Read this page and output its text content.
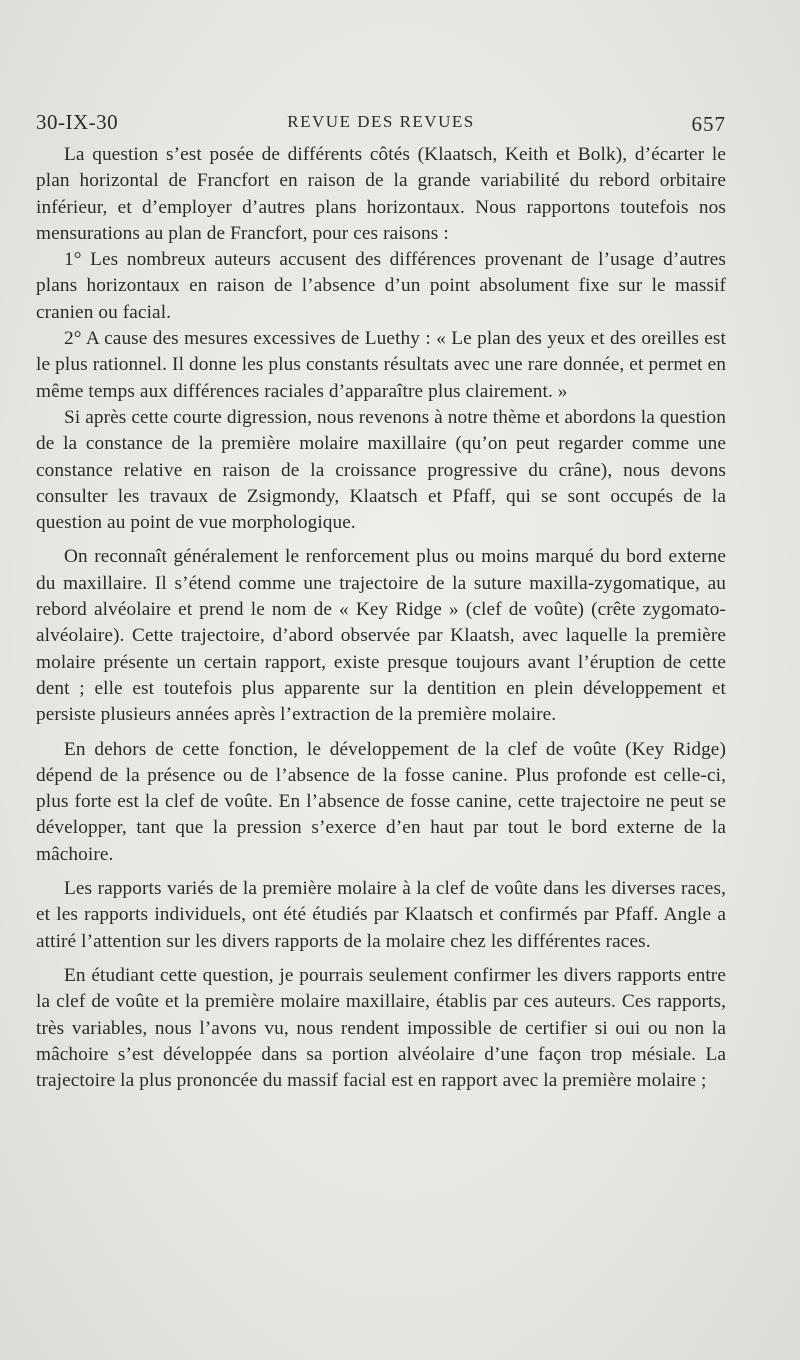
30-IX-30	REVUE DES REVUES	657

La question s’est posée de différents côtés (Klaatsch, Keith et Bolk), d’écarter le plan horizontal de Francfort en raison de la grande variabilité du rebord orbitaire inférieur, et d’employer d’autres plans horizontaux. Nous rapportons toutefois nos mensurations au plan de Francfort, pour ces raisons :

1° Les nombreux auteurs accusent des différences provenant de l’usage d’autres plans horizontaux en raison de l’absence d’un point absolument fixe sur le massif cranien ou facial.

2° A cause des mesures excessives de Luethy : « Le plan des yeux et des oreilles est le plus rationnel. Il donne les plus constants résultats avec une rare donnée, et permet en même temps aux différences raciales d’apparaître plus clairement. »

Si après cette courte digression, nous revenons à notre thème et abordons la question de la constance de la première molaire maxillaire (qu’on peut regarder comme une constance relative en raison de la croissance progressive du crâne), nous devons consulter les travaux de Zsigmondy, Klaatsch et Pfaff, qui se sont occupés de la question au point de vue morphologique.

On reconnaît généralement le renforcement plus ou moins marqué du bord externe du maxillaire. Il s’étend comme une trajectoire de la suture maxilla-zygomatique, au rebord alvéolaire et prend le nom de « Key Ridge » (clef de voûte) (crête zygomato-alvéolaire). Cette trajectoire, d’abord observée par Klaatsh, avec laquelle la première molaire présente un certain rapport, existe presque toujours avant l’éruption de cette dent ; elle est toutefois plus apparente sur la dentition en plein développement et persiste plusieurs années après l’extraction de la première molaire.

En dehors de cette fonction, le développement de la clef de voûte (Key Ridge) dépend de la présence ou de l’absence de la fosse canine. Plus profonde est celle-ci, plus forte est la clef de voûte. En l’absence de fosse canine, cette trajectoire ne peut se développer, tant que la pression s’exerce d’en haut par tout le bord externe de la mâchoire.

Les rapports variés de la première molaire à la clef de voûte dans les diverses races, et les rapports individuels, ont été étudiés par Klaatsch et confirmés par Pfaff. Angle a attiré l’attention sur les divers rapports de la molaire chez les différentes races.

En étudiant cette question, je pourrais seulement confirmer les divers rapports entre la clef de voûte et la première molaire maxillaire, établis par ces auteurs. Ces rapports, très variables, nous l’avons vu, nous rendent impossible de certifier si oui ou non la mâchoire s’est développée dans sa portion alvéolaire d’une façon trop mésiale. La trajectoire la plus prononcée du massif facial est en rapport avec la première molaire ;
